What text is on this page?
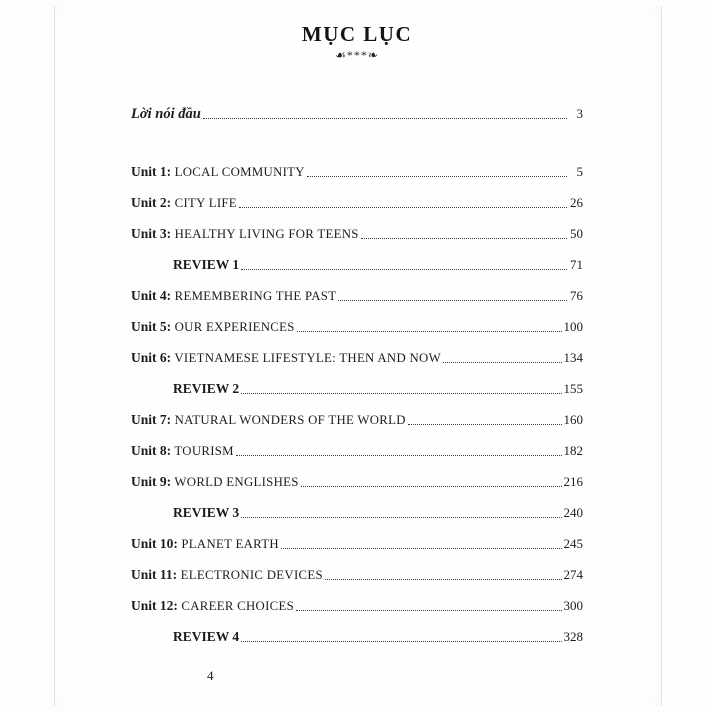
MỤC LỤC
☙***❧
Lời nói đầu	3
Unit 1: LOCAL COMMUNITY	5
Unit 2: CITY LIFE	26
Unit 3: HEALTHY LIVING FOR TEENS	50
REVIEW 1	71
Unit 4: REMEMBERING THE PAST	76
Unit 5: OUR EXPERIENCES	100
Unit 6: VIETNAMESE LIFESTYLE: THEN AND NOW	134
REVIEW 2	155
Unit 7: NATURAL WONDERS OF THE WORLD	160
Unit 8: TOURISM	182
Unit 9: WORLD ENGLISHES	216
REVIEW 3	240
Unit 10: PLANET EARTH	245
Unit 11: ELECTRONIC DEVICES	274
Unit 12: CAREER CHOICES	300
REVIEW 4	328
4
